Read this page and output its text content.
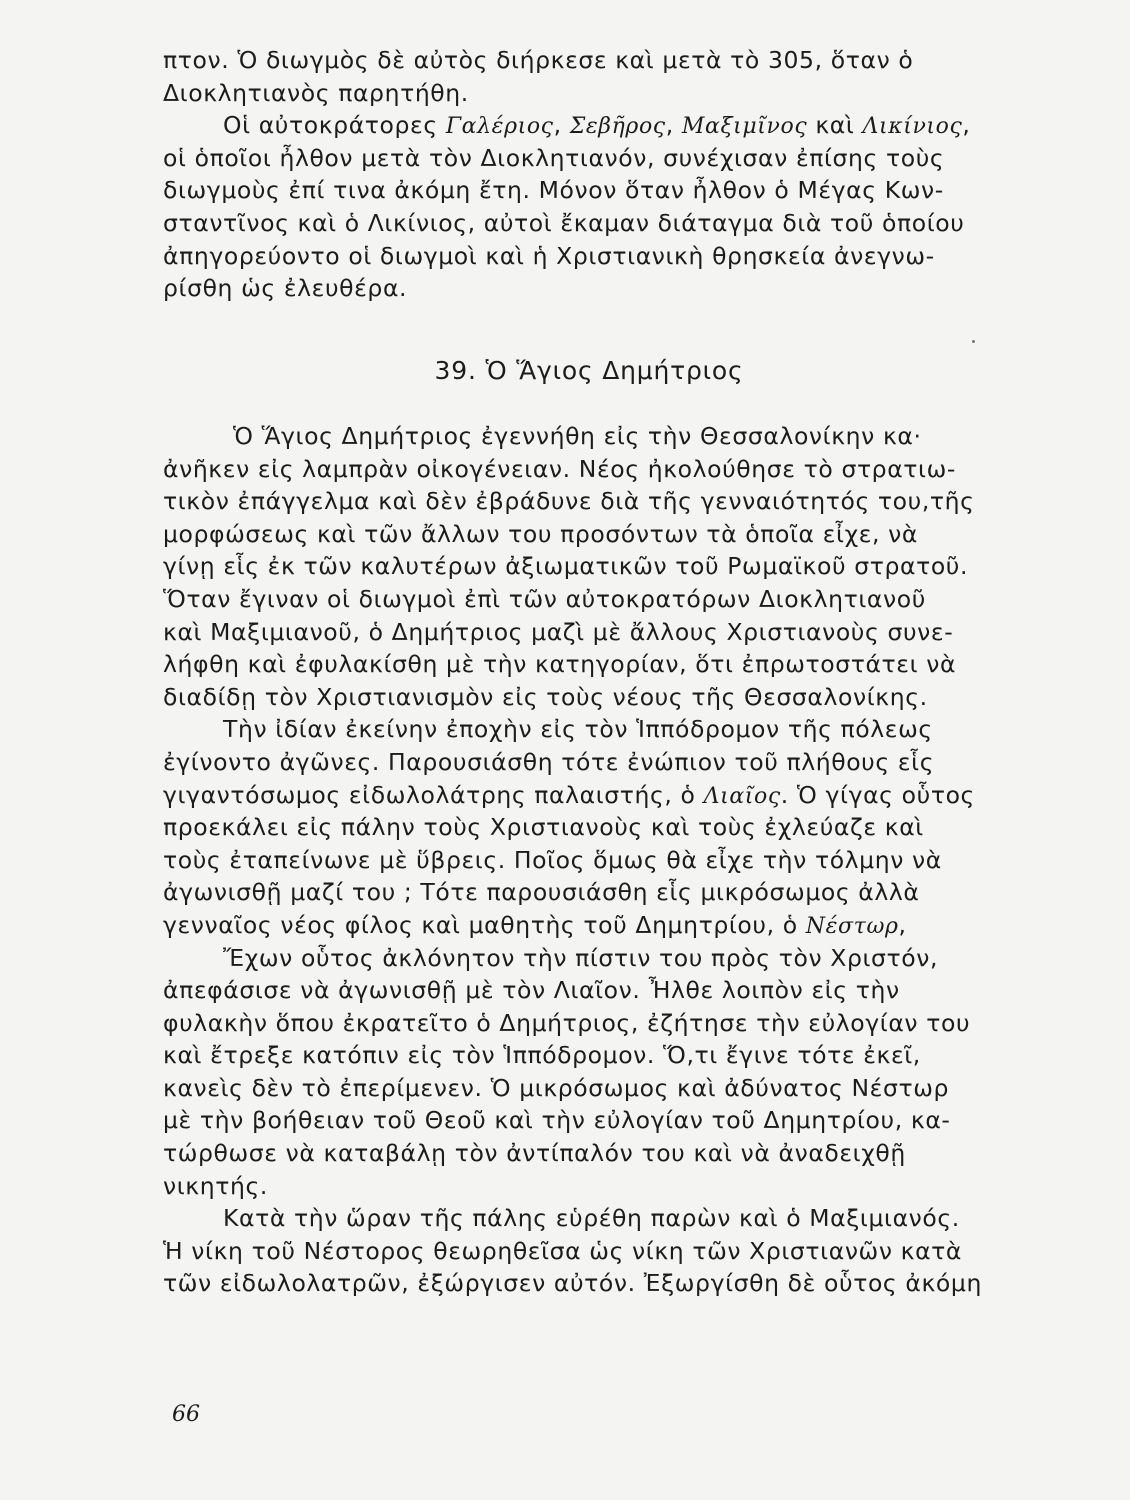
πτον. Ὁ διωγμὸς δὲ αὐτὸς διήρκεσε καὶ μετὰ τὸ 305, ὅταν ὁ
Διοκλητιανὸς παρητήθη.
Οἱ αὐτοκράτορες Γαλέριος, Σεβῆρος, Μαξιμῖνος καὶ Λικίνιος,
οἱ ὁποῖοι ἦλθον μετὰ τὸν Διοκλητιανόν, συνέχισαν ἐπίσης τοὺς
διωγμοὺς ἐπί τινα ἀκόμη ἔτη. Μόνον ὅταν ἦλθον ὁ Μέγας Κων-
σταντῖνος καὶ ὁ Λικίνιος, αὐτοὶ ἔκαμαν διάταγμα διὰ τοῦ ὁποίου
ἀπηγορεύοντο οἱ διωγμοὶ καὶ ἡ Χριστιανικὴ θρησκεία ἀνεγνω-
ρίσθη ὡς ἐλευθέρα.
39. Ὁ Ἅγιος Δημήτριος
Ὁ Ἅγιος Δημήτριος ἐγεννήθη εἰς τὴν Θεσσαλονίκην κα·
ἀνῆκεν εἰς λαμπρὰν οἰκογένειαν. Νέος ἠκολούθησε τὸ στρατιω-
τικὸν ἐπάγγελμα καὶ δὲν ἐβράδυνε διὰ τῆς γενναιότητός του,τῆς
μορφώσεως καὶ τῶν ἄλλων του προσόντων τὰ ὁποῖα εἶχε, νὰ
γίνῃ εἷς ἐκ τῶν καλυτέρων ἀξιωματικῶν τοῦ Ρωμαϊκοῦ στρατοῦ.
Ὅταν ἔγιναν οἱ διωγμοὶ ἐπὶ τῶν αὐτοκρατόρων Διοκλητιανοῦ
καὶ Μαξιμιανοῦ, ὁ Δημήτριος μαζὶ μὲ ἄλλους Χριστιανοὺς συνε-
λήφθη καὶ ἐφυλακίσθη μὲ τὴν κατηγορίαν, ὅτι ἐπρωτοστάτει νὰ
διαδίδῃ τὸν Χριστιανισμὸν εἰς τοὺς νέους τῆς Θεσσαλονίκης.
Τὴν ἰδίαν ἐκείνην ἐποχὴν εἰς τὸν Ἱππόδρομον τῆς πόλεως
ἐγίνοντο ἀγῶνες. Παρουσιάσθη τότε ἐνώπιον τοῦ πλήθους εἷς
γιγαντόσωμος εἰδωλολάτρης παλαιστής, ὁ Λιαῖος. Ὁ γίγας οὗτος
προεκάλει εἰς πάλην τοὺς Χριστιανοὺς καὶ τοὺς ἐχλεύαζε καὶ
τοὺς ἐταπείνωνε μὲ ὕβρεις. Ποῖος ὅμως θὰ εἶχε τὴν τόλμην νὰ
ἀγωνισθῇ μαζί του ; Τότε παρουσιάσθη εἷς μικρόσωμος ἀλλὰ
γενναῖος νέος φίλος καὶ μαθητὴς τοῦ Δημητρίου, ὁ Νέστωρ,
Ἔχων οὗτος ἀκλόνητον τὴν πίστιν του πρὸς τὸν Χριστόν,
ἀπεφάσισε νὰ ἀγωνισθῇ μὲ τὸν Λιαῖον. Ἦλθε λοιπὸν εἰς τὴν
φυλακὴν ὅπου ἐκρατεῖτο ὁ Δημήτριος, ἐζήτησε τὴν εὐλογίαν του
καὶ ἔτρεξε κατόπιν εἰς τὸν Ἱππόδρομον. Ὅ,τι ἔγινε τότε ἐκεῖ,
κανεὶς δὲν τὸ ἐπερίμενεν. Ὁ μικρόσωμος καὶ ἀδύνατος Νέστωρ
μὲ τὴν βοήθειαν τοῦ Θεοῦ καὶ τὴν εὐλογίαν τοῦ Δημητρίου, κα-
τώρθωσε νὰ καταβάλῃ τὸν ἀντίπαλόν του καὶ νὰ ἀναδειχθῇ
νικητής.
Κατὰ τὴν ὥραν τῆς πάλης εὑρέθη παρὼν καὶ ὁ Μαξιμιανός.
Ἡ νίκη τοῦ Νέστορος θεωρηθεῖσα ὡς νίκη τῶν Χριστιανῶν κατὰ
τῶν εἰδωλολατρῶν, ἐξώργισεν αὐτόν. Ἐξωργίσθη δὲ οὗτος ἀκόμη
66
